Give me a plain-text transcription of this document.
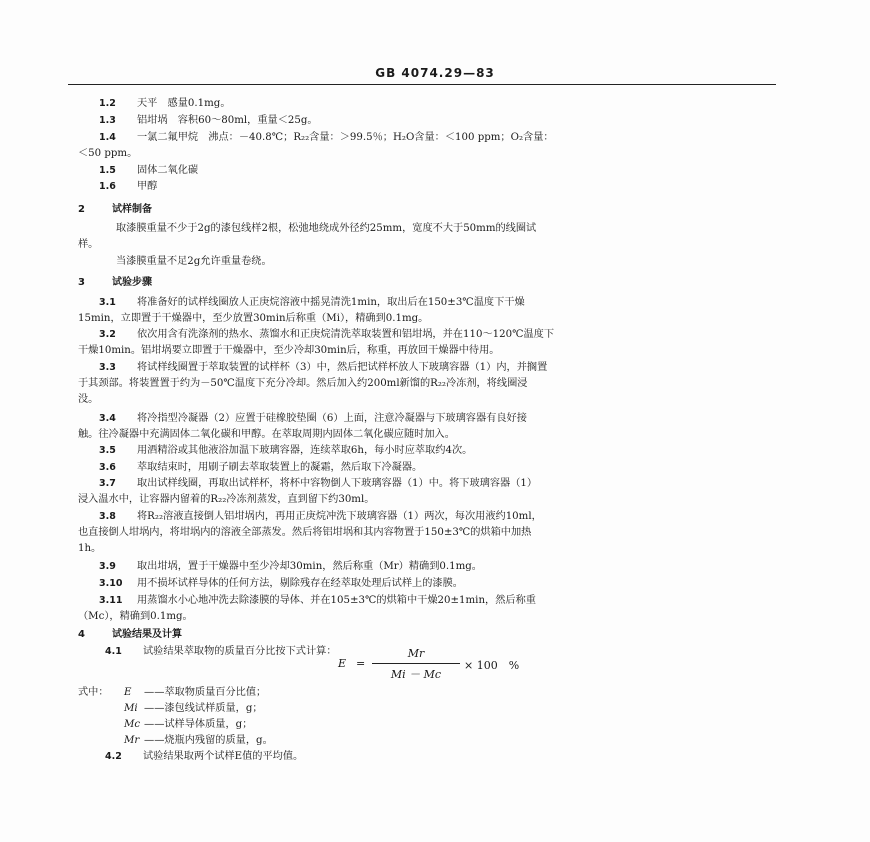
GB 4074.29—83
1.2 天平　感量0.1mg。
1.3 铝坩埚　容积60～80ml，重量＜25g。
1.4 一氯二氟甲烷　沸点：－40.8℃；R₂₂含量：＞99.5％；H₂O含量：＜100 ppm；O₂含量：
＜50 ppm。
1.5 固体二氧化碳
1.6 甲醇
2	试样制备
取漆膜重量不少于2g的漆包线样2根，松弛地绕成外径约25mm，宽度不大于50mm的线圈试
样。
当漆膜重量不足2g允许重量卷绕。
3	试验步骤
3.1 将准备好的试样线圈放人正庚烷溶液中摇晃清洗1min，取出后在150±3℃温度下干燥
15min，立即置于干燥器中，至少放置30min后称重（Mi），精确到0.1mg。
3.2 依次用含有洗涤剂的热水、蒸馏水和正庚烷清洗萃取装置和铝坩埚，并在110～120℃温度下
干燥10min。铝坩埚要立即置于干燥器中，至少冷却30min后，称重，再放回干燥器中待用。
3.3 将试样线圈置于萃取装置的试样杯（3）中，然后把试样杯放人下玻璃容器（1）内，并搁置
于其颈部。将装置置于约为－50℃温度下充分冷却。然后加入约200ml新馏的R₂₂冷冻剂，将线圈浸
没。
3.4 将冷指型冷凝器（2）应置于硅橡胶垫圈（6）上面，注意冷凝器与下玻璃容器有良好接
触。往冷凝器中充满固体二氧化碳和甲醇。在萃取周期内固体二氧化碳应随时加入。
3.5 用酒精浴或其他液浴加温下玻璃容器，连续萃取6h，每小时应萃取约4次。
3.6 萃取结束时，用刷子刷去萃取装置上的凝霜，然后取下冷凝器。
3.7 取出试样线圈，再取出试样杯，将杯中容物倒人下玻璃容器（1）中。将下玻璃容器（1）
浸入温水中，让容器内留着的R₂₂冷冻剂蒸发，直到留下约30ml。
3.8 将R₂₂溶液直接倒人铝坩埚内，再用正庚烷冲洗下玻璃容器（1）两次，每次用液约10ml，
也直接倒人坩埚内，将坩埚内的溶液全部蒸发。然后将铝坩埚和其内容物置于150±3℃的烘箱中加热
1h。
3.9 取出坩埚，置于干燥器中至少冷却30min，然后称重（Mr）精确到0.1mg。
3.10 用不损坏试样导体的任何方法，剔除残存在经萃取处理后试样上的漆膜。
3.11 用蒸馏水小心地冲洗去除漆膜的导体、并在105±3℃的烘箱中干燥20±1min，然后称重
（Mc），精确到0.1mg。
4	试验结果及计算
4.1 试验结果萃取物的质量百分比按下式计算：
E =
Mr
Mi － Mc
× 100　%
式中： E ——萃取物质量百分比值；
Mi ——漆包线试样质量，g；
Mc ——试样导体质量，g；
Mr ——烧瓶内残留的质量，g。
4.2 试验结果取两个试样E值的平均值。
